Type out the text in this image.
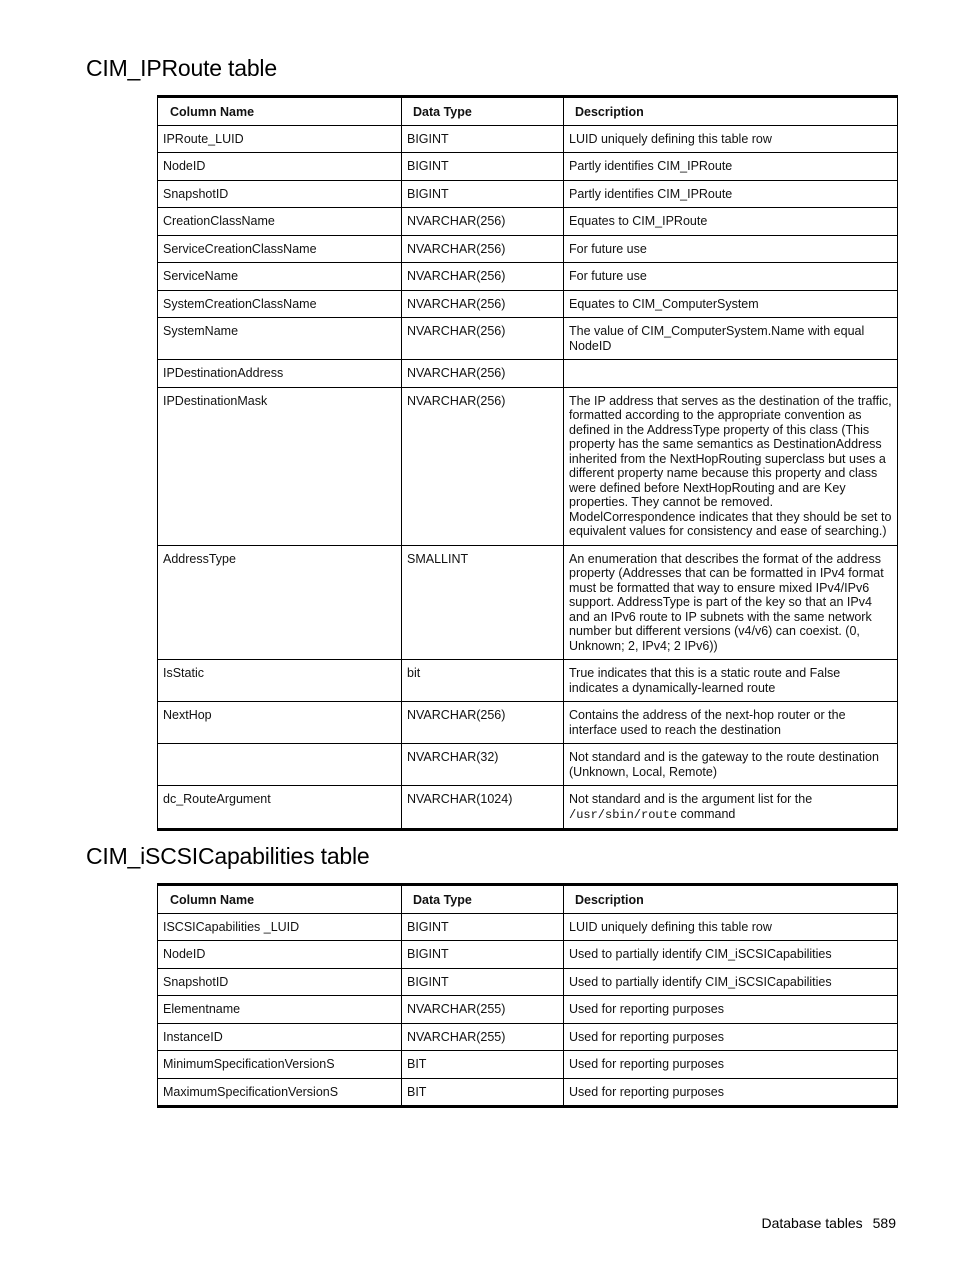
CIM_IPRoute table
Column Name	Data Type	Description
IPRoute_LUID	BIGINT	LUID uniquely defining this table row
NodeID	BIGINT	Partly identifies CIM_IPRoute
SnapshotID	BIGINT	Partly identifies CIM_IPRoute
CreationClassName	NVARCHAR(256)	Equates to CIM_IPRoute
ServiceCreationClassName	NVARCHAR(256)	For future use
ServiceName	NVARCHAR(256)	For future use
SystemCreationClassName	NVARCHAR(256)	Equates to CIM_ComputerSystem
SystemName	NVARCHAR(256)	The value of CIM_ComputerSystem.Name with equal NodeID
IPDestinationAddress	NVARCHAR(256)	
IPDestinationMask	NVARCHAR(256)	The IP address that serves as the destination of the traffic, formatted according to the appropriate convention as defined in the AddressType property of this class (This property has the same semantics as DestinationAddress inherited from the NextHopRouting superclass but uses a different property name because this property and class were defined before NextHopRouting and are Key properties. They cannot be removed. ModelCorrespondence indicates that they should be set to equivalent values for consistency and ease of searching.)
AddressType	SMALLINT	An enumeration that describes the format of the address property (Addresses that can be formatted in IPv4 format must be formatted that way to ensure mixed IPv4/IPv6 support. AddressType is part of the key so that an IPv4 and an IPv6 route to IP subnets with the same network number but different versions (v4/v6) can coexist. (0, Unknown; 2, IPv4; 2 IPv6))
IsStatic	bit	True indicates that this is a static route and False indicates a dynamically-learned route
NextHop	NVARCHAR(256)	Contains the address of the next-hop router or the interface used to reach the destination
	NVARCHAR(32)	Not standard and is the gateway to the route destination (Unknown, Local, Remote)
dc_RouteArgument	NVARCHAR(1024)	Not standard and is the argument list for the
/usr/sbin/route command
CIM_iSCSICapabilities table
Column Name	Data Type	Description
ISCSICapabilities _LUID	BIGINT	LUID uniquely defining this table row
NodeID	BIGINT	Used to partially identify CIM_iSCSICapabilities
SnapshotID	BIGINT	Used to partially identify CIM_iSCSICapabilities
Elementname	NVARCHAR(255)	Used for reporting purposes
InstanceID	NVARCHAR(255)	Used for reporting purposes
MinimumSpecificationVersionS	BIT	Used for reporting purposes
MaximumSpecificationVersionS	BIT	Used for reporting purposes
Database tables 589
